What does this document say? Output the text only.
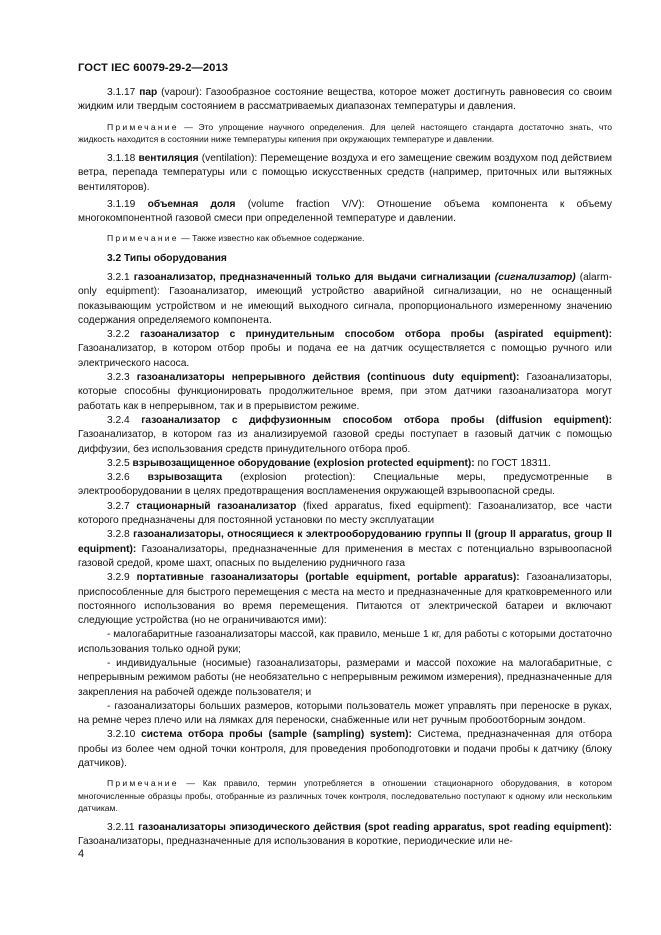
ГОСТ IEC 60079-29-2—2013

3.1.17 пар (vapour): Газообразное состояние вещества, которое может достигнуть равновесия со своим жидким или твердым состоянием в рассматриваемых диапазонах температуры и давления.

Примечание — Это упрощение научного определения. Для целей настоящего стандарта достаточно знать, что жидкость находится в состоянии ниже температуры кипения при окружающих температуре и давлении.

3.1.18 вентиляция (ventilation): Перемещение воздуха и его замещение свежим воздухом под действием ветра, перепада температуры или с помощью искусственных средств (например, приточных или вытяжных вентиляторов).

3.1.19 объемная доля (volume fraction V/V): Отношение объема компонента к объему многокомпонентной газовой смеси при определенной температуре и давлении.

Примечание — Также известно как объемное содержание.

3.2 Типы оборудования

3.2.1 газоанализатор, предназначенный только для выдачи сигнализации (сигнализатор) (alarm-only equipment): Газоанализатор, имеющий устройство аварийной сигнализации, но не оснащенный показывающим устройством и не имеющий выходного сигнала, пропорционального измеренному значению содержания определяемого компонента.

3.2.2 газоанализатор с принудительным способом отбора пробы (aspirated equipment): Газоанализатор, в котором отбор пробы и подача ее на датчик осуществляется с помощью ручного или электрического насоса.

3.2.3 газоанализаторы непрерывного действия (continuous duty equipment): Газоанализаторы, которые способны функционировать продолжительное время, при этом датчики газоанализатора могут работать как в непрерывном, так и в прерывистом режиме.

3.2.4 газоанализатор с диффузионным способом отбора пробы (diffusion equipment): Газоанализатор, в котором газ из анализируемой газовой среды поступает в газовый датчик с помощью диффузии, без использования средств принудительного отбора проб.

3.2.5 взрывозащищенное оборудование (explosion protected equipment): по ГОСТ 18311.

3.2.6 взрывозащита (explosion protection): Специальные меры, предусмотренные в электрооборудовании в целях предотвращения воспламенения окружающей взрывоопасной среды.

3.2.7 стационарный газоанализатор (fixed apparatus, fixed equipment): Газоанализатор, все части которого предназначены для постоянной установки по месту эксплуатации

3.2.8 газоанализаторы, относящиеся к электрооборудованию группы II (group II apparatus, group II equipment): Газоанализаторы, предназначенные для применения в местах с потенциально взрывоопасной газовой средой, кроме шахт, опасных по выделению рудничного газа

3.2.9 портативные газоанализаторы (portable equipment, portable apparatus): Газоанализаторы, приспособленные для быстрого перемещения с места на место и предназначенные для кратковременного или постоянного использования во время перемещения. Питаются от электрической батареи и включают следующие устройства (но не ограничиваются ими):

- малогабаритные газоанализаторы массой, как правило, меньше 1 кг, для работы с которыми достаточно использования только одной руки;

- индивидуальные (носимые) газоанализаторы, размерами и массой похожие на малогабаритные, с непрерывным режимом работы (не необязательно с непрерывным режимом измерения), предназначенные для закрепления на рабочей одежде пользователя; и

- газоанализаторы больших размеров, которыми пользователь может управлять при переноске в руках, на ремне через плечо или на лямках для переноски, снабженные или нет ручным пробоотборным зондом.

3.2.10 система отбора пробы (sample (sampling) system): Система, предназначенная для отбора пробы из более чем одной точки контроля, для проведения пробоподготовки и подачи пробы к датчику (блоку датчиков).

Примечание — Как правило, термин употребляется в отношении стационарного оборудования, в котором многочисленные образцы пробы, отобранные из различных точек контроля, последовательно поступают к одному или нескольким датчикам.

3.2.11 газоанализаторы эпизодического действия (spot reading apparatus, spot reading equipment): Газоанализаторы, предназначенные для использования в короткие, периодические или не-

4
